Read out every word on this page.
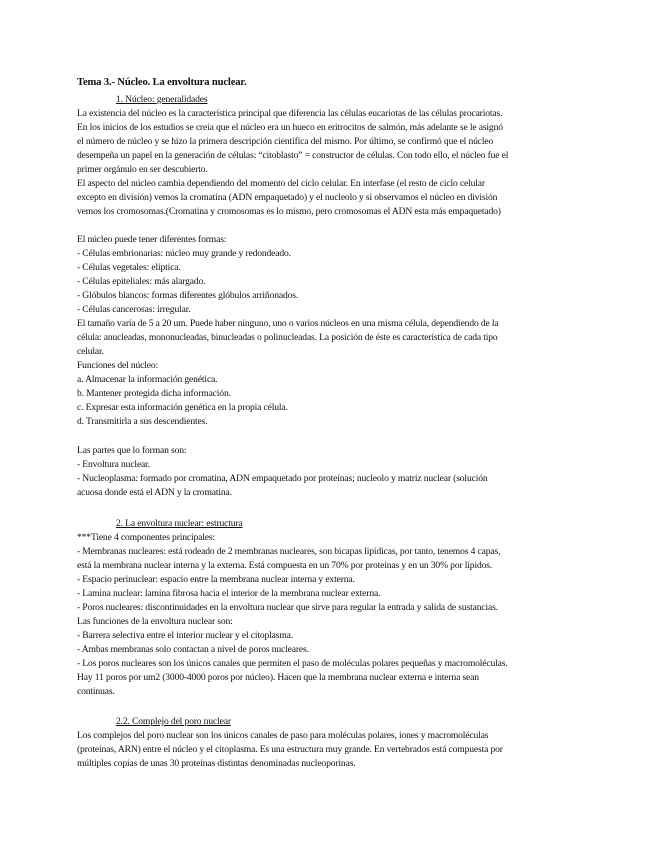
Tema 3.- Núcleo. La envoltura nuclear.
1. Núcleo: generalidades
La existencia del núcleo es la característica principal que diferencia las células eucariotas de las células procariotas.
En los inicios de los estudios se creía que el núcleo era un hueco en eritrocitos de salmón, más adelante se le asignó
el número de núcleo y se hizo la primera descripción científica del mismo. Por último, se confirmó que el núcleo
desempeña un papel en la generación de células: “citoblasto” = constructor de células. Con todo ello, el núcleo fue el
primer orgánulo en ser descubierto.
El aspecto del núcleo cambia dependiendo del momento del ciclo celular. En interfase (el resto de ciclo celular
excepto en división) vemos la cromatina (ADN empaquetado) y el nucleolo y si observamos el núcleo en división
vemos los cromosomas.(Cromatina y cromosomas es lo mismo, pero cromosomas el ADN esta más empaquetado)
El núcleo puede tener diferentes formas:
- Células embrionarias: núcleo muy grande y redondeado.
- Células vegetales: elíptica.
- Células epiteliales: más alargado.
- Glóbulos blancos: formas diferentes glóbulos arriñonados.
- Células cancerosas: irregular.
El tamaño varía de 5 a 20 um. Puede haber ninguno, uno o varios núcleos en una misma célula, dependiendo de la
célula: anucleadas, mononucleadas, binucleadas o polinucleadas. La posición de éste es característica de cada tipo
celular.
Funciones del núcleo:
a. Almacenar la información genética.
b. Mantener protegida dicha información.
c. Expresar esta información genética en la propia célula.
d. Transmitirla a sus descendientes.
Las partes que lo forman son:
- Envoltura nuclear.
- Nucleoplasma: formado por cromatina, ADN empaquetado por proteínas; nucleolo y matriz nuclear (solución
acuosa donde está el ADN y la cromatina.
2. La envoltura nuclear: estructura
***Tiene 4 componentes principales:
- Membranas nucleares: está rodeado de 2 membranas nucleares, son bicapas lipídicas, por tanto, tenemos 4 capas,
está la membrana nuclear interna y la externa. Está compuesta en un 70% por proteínas y en un 30% por lípidos.
- Espacio perinuclear: espacio entre la membrana nuclear interna y externa.
- Lamina nuclear: lamina fibrosa hacia el interior de la membrana nuclear externa.
- Poros nucleares: discontinuidades en la envoltura nuclear que sirve para regular la entrada y salida de sustancias.
Las funciones de la envoltura nuclear son:
- Barrera selectiva entre el interior nuclear y el citoplasma.
- Ambas membranas solo contactan a nivel de poros nucleares.
- Los poros nucleares son los únicos canales que permiten el paso de moléculas polares pequeñas y macromoléculas.
Hay 11 poros por um2 (3000-4000 poros por núcleo). Hacen que la membrana nuclear externa e interna sean
continuas.
2.2. Complejo del poro nuclear
Los complejos del poro nuclear son los únicos canales de paso para moléculas polares, iones y macromoléculas
(proteínas, ARN) entre el núcleo y el citoplasma. Es una estructura muy grande. En vertebrados está compuesta por
múltiples copias de unas 30 proteínas distintas denominadas nucleoporinas.
